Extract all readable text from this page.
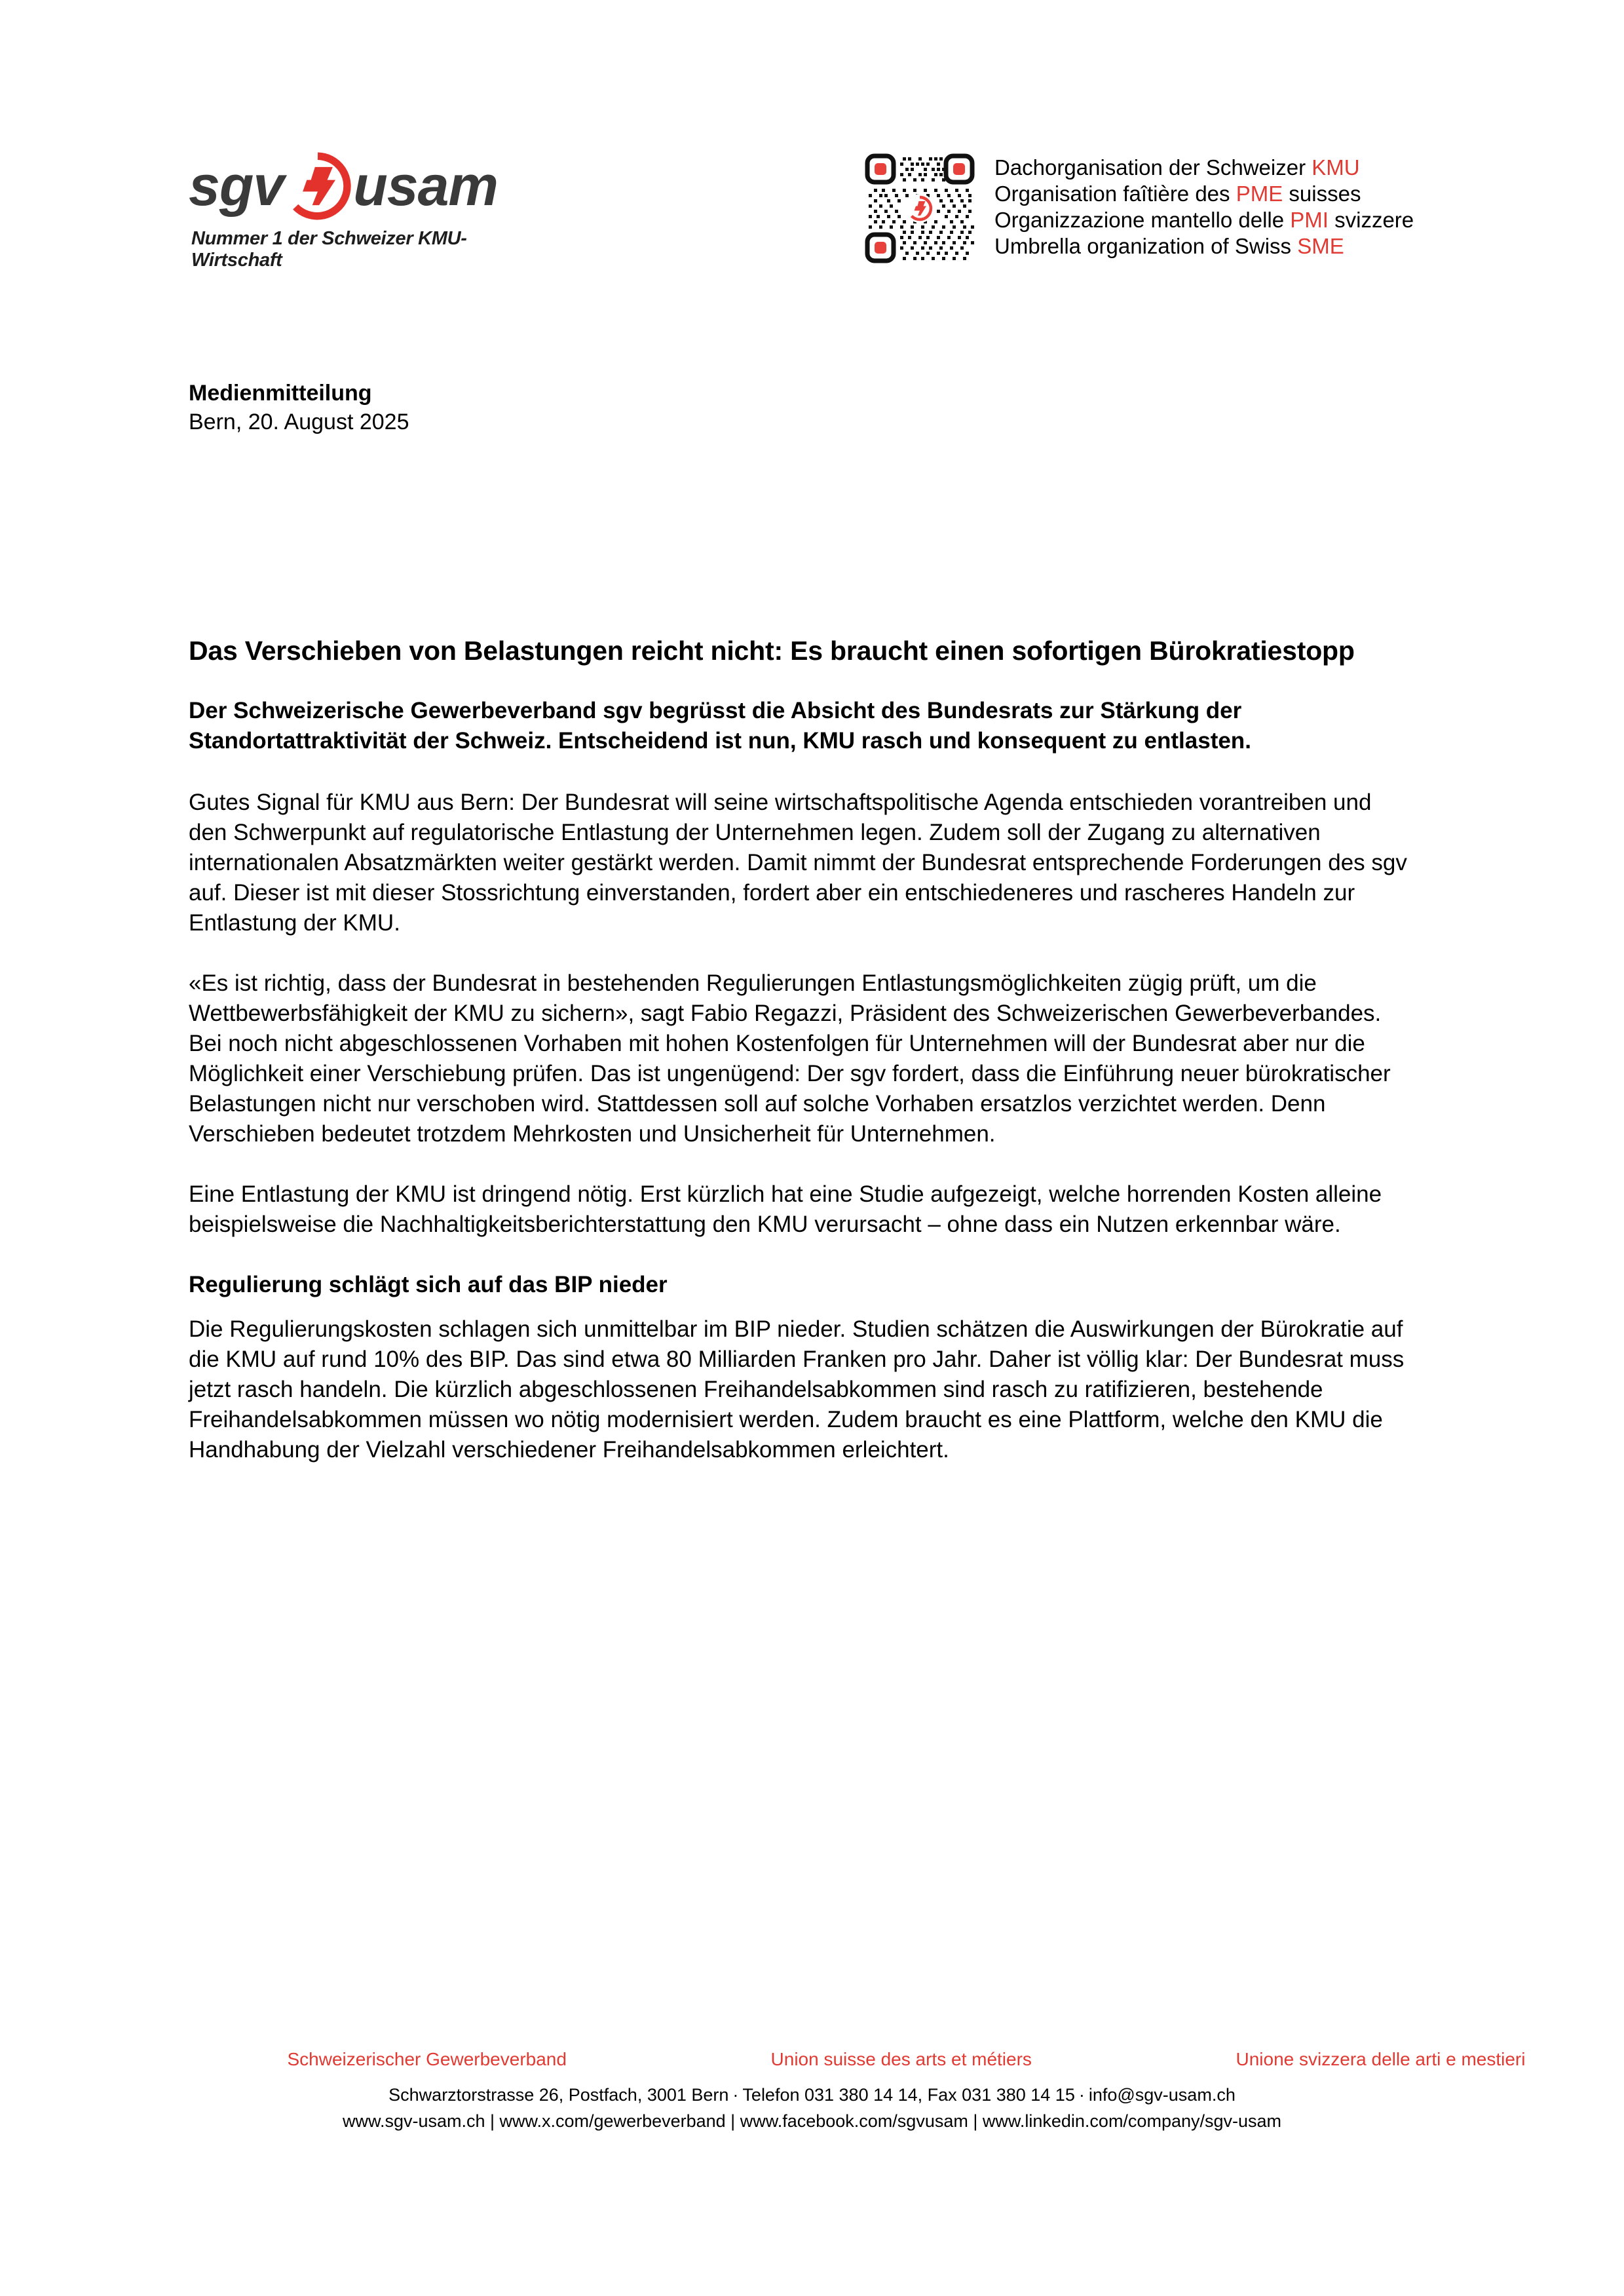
sgv usam
Nummer 1 der Schweizer KMU-Wirtschaft
Dachorganisation der Schweizer KMU
Organisation faîtière des PME suisses
Organizzazione mantello delle PMI svizzere
Umbrella organization of Swiss SME
Medienmitteilung
Bern, 20. August 2025
Das Verschieben von Belastungen reicht nicht: Es braucht einen sofortigen Bürokratiestopp

Der Schweizerische Gewerbeverband sgv begrüsst die Absicht des Bundesrats zur Stärkung der Standortattraktivität der Schweiz. Entscheidend ist nun, KMU rasch und konsequent zu entlasten.

Gutes Signal für KMU aus Bern: Der Bundesrat will seine wirtschaftspolitische Agenda entschieden vorantreiben und den Schwerpunkt auf regulatorische Entlastung der Unternehmen legen. Zudem soll der Zugang zu alternativen internationalen Absatzmärkten weiter gestärkt werden. Damit nimmt der Bundesrat entsprechende Forderungen des sgv auf. Dieser ist mit dieser Stossrichtung einverstanden, fordert aber ein entschiedeneres und rascheres Handeln zur Entlastung der KMU.

«Es ist richtig, dass der Bundesrat in bestehenden Regulierungen Entlastungsmöglichkeiten zügig prüft, um die Wettbewerbsfähigkeit der KMU zu sichern», sagt Fabio Regazzi, Präsident des Schweizerischen Gewerbeverbandes. Bei noch nicht abgeschlossenen Vorhaben mit hohen Kostenfolgen für Unternehmen will der Bundesrat aber nur die Möglichkeit einer Verschiebung prüfen. Das ist ungenügend: Der sgv fordert, dass die Einführung neuer bürokratischer Belastungen nicht nur verschoben wird. Stattdessen soll auf solche Vorhaben ersatzlos verzichtet werden. Denn Verschieben bedeutet trotzdem Mehrkosten und Unsicherheit für Unternehmen.

Eine Entlastung der KMU ist dringend nötig. Erst kürzlich hat eine Studie aufgezeigt, welche horrenden Kosten alleine beispielsweise die Nachhaltigkeitsberichterstattung den KMU verursacht – ohne dass ein Nutzen erkennbar wäre.

Regulierung schlägt sich auf das BIP nieder

Die Regulierungskosten schlagen sich unmittelbar im BIP nieder. Studien schätzen die Auswirkungen der Bürokratie auf die KMU auf rund 10% des BIP. Das sind etwa 80 Milliarden Franken pro Jahr. Daher ist völlig klar: Der Bundesrat muss jetzt rasch handeln. Die kürzlich abgeschlossenen Freihandelsabkommen sind rasch zu ratifizieren, bestehende Freihandelsabkommen müssen wo nötig modernisiert werden. Zudem braucht es eine Plattform, welche den KMU die Handhabung der Vielzahl verschiedener Freihandelsabkommen erleichtert.

Schweizerischer Gewerbeverband	Union suisse des arts et métiers	Unione svizzera delle arti e mestieri
Schwarztorstrasse 26, Postfach, 3001 Bern · Telefon 031 380 14 14, Fax 031 380 14 15 · info@sgv-usam.ch
www.sgv-usam.ch | www.x.com/gewerbeverband | www.facebook.com/sgvusam | www.linkedin.com/company/sgv-usam
